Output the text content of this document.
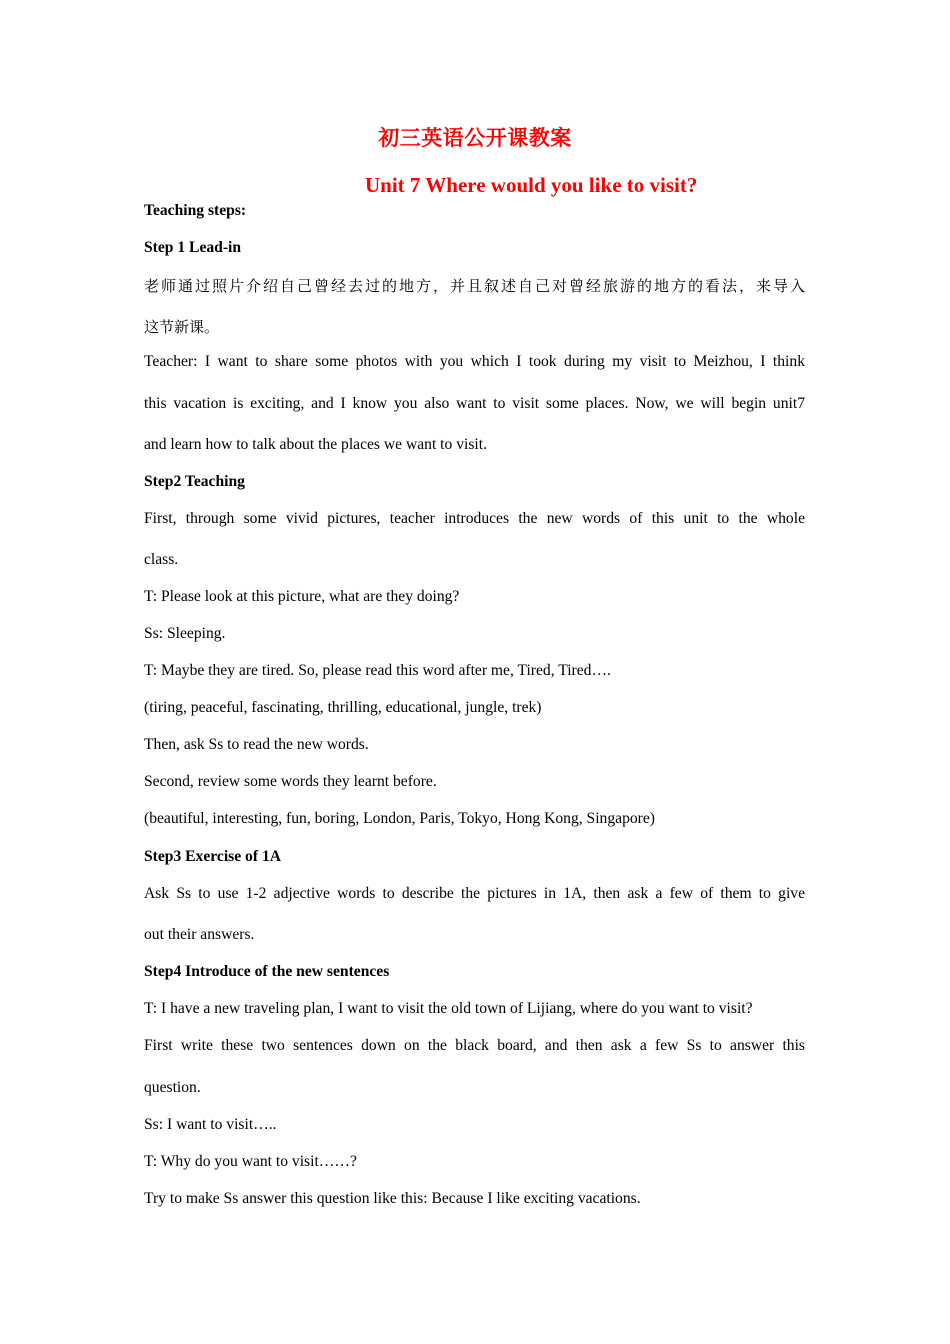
初三英语公开课教案
Unit 7 Where would you like to visit?
Teaching steps:
Step 1 Lead-in
老师通过照片介绍自己曾经去过的地方，并且叙述自己对曾经旅游的地方的看法，来导入
这节新课。
Teacher: I want to share some photos with you which I took during my visit to Meizhou, I think
this vacation is exciting, and I know you also want to visit some places. Now, we will begin unit7
and learn how to talk about the places we want to visit.
Step2 Teaching
First, through some vivid pictures, teacher introduces the new words of this unit to the whole
class.
T: Please look at this picture, what are they doing?
Ss: Sleeping.
T: Maybe they are tired. So, please read this word after me, Tired, Tired….
(tiring, peaceful, fascinating, thrilling, educational, jungle, trek)
Then, ask Ss to read the new words.
Second, review some words they learnt before.
(beautiful, interesting, fun, boring, London, Paris, Tokyo, Hong Kong, Singapore)
Step3 Exercise of 1A
Ask Ss to use 1-2 adjective words to describe the pictures in 1A, then ask a few of them to give
out their answers.
Step4 Introduce of the new sentences
T: I have a new traveling plan, I want to visit the old town of Lijiang, where do you want to visit?
First write these two sentences down on the black board, and then ask a few Ss to answer this
question.
Ss: I want to visit…..
T: Why do you want to visit……?
Try to make Ss answer this question like this: Because I like exciting vacations.
